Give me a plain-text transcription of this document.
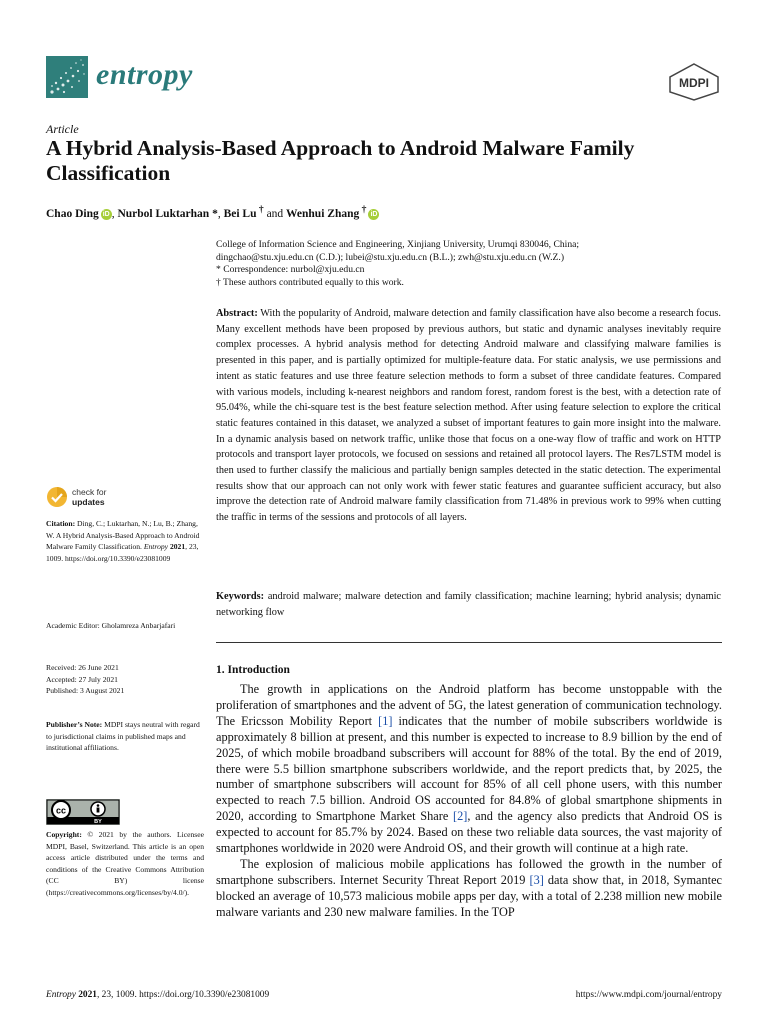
entropy	MDPI
Article
A Hybrid Analysis-Based Approach to Android Malware Family Classification
Chao Ding iD , Nurbol Luktarhan *, Bei Lu † and Wenhui Zhang † iD
College of Information Science and Engineering, Xinjiang University, Urumqi 830046, China;
dingchao@stu.xju.edu.cn (C.D.); lubei@stu.xju.edu.cn (B.L.); zwh@stu.xju.edu.cn (W.Z.)
* Correspondence: nurbol@xju.edu.cn
† These authors contributed equally to this work.
Abstract: With the popularity of Android, malware detection and family classification have also become a research focus. Many excellent methods have been proposed by previous authors, but static and dynamic analyses inevitably require complex processes. A hybrid analysis method for detecting Android malware and classifying malware families is presented in this paper, and is partially optimized for multiple-feature data. For static analysis, we use permissions and intent as static features and use three feature selection methods to form a subset of three candidate features. Compared with various models, including k-nearest neighbors and random forest, random forest is the best, with a detection rate of 95.04%, while the chi-square test is the best feature selection method. After using feature selection to explore the critical static features contained in this dataset, we analyzed a subset of important features to gain more insight into the malware. In a dynamic analysis based on network traffic, unlike those that focus on a one-way flow of traffic and work on HTTP protocols and transport layer protocols, we focused on sessions and retained all protocol layers. The Res7LSTM model is then used to further classify the malicious and partially benign samples detected in the static detection. The experimental results show that our approach can not only work with fewer static features and guarantee sufficient accuracy, but also improve the detection rate of Android malware family classification from 71.48% in previous work to 99% when cutting the traffic in terms of the sessions and protocols of all layers.
Keywords: android malware; malware detection and family classification; machine learning; hybrid analysis; dynamic networking flow
1. Introduction

The growth in applications on the Android platform has become unstoppable with the proliferation of smartphones and the advent of 5G, the latest generation of communication technology. The Ericsson Mobility Report [1] indicates that the number of mobile subscribers worldwide is approximately 8 billion at present, and this number is expected to increase to 8.9 billion by the end of 2025, of which mobile broadband subscribers will account for 88% of the total. By the end of 2019, there were 5.5 billion smartphone subscribers worldwide, and the report predicts that, by 2025, the number of smartphone subscribers will account for 85% of all cell phone users, with this number expected to reach 7.5 billion. Android OS accounted for 84.8% of global smartphone shipments in 2020, according to Smartphone Market Share [2], and the agency also predicts that Android OS is expected to account for 85.7% by 2024. Based on these two reliable data sources, the vast majority of smartphones worldwide in 2020 were Android OS, and their growth will continue at a high rate.

The explosion of malicious mobile applications has followed the growth in the number of smartphone subscribers. Internet Security Threat Report 2019 [3] data show that, in 2018, Symantec blocked an average of 10,573 malicious mobile apps per day, with a total of 2.238 million new mobile malware variants and 230 new malware families. In the TOP

check for
updates
Citation: Ding, C.; Luktarhan, N.; Lu, B.; Zhang, W. A Hybrid Analysis-Based Approach to Android Malware Family Classification. Entropy 2021, 23, 1009. https://doi.org/10.3390/e23081009
Academic Editor: Gholamreza Anbarjafari
Received: 26 June 2021
Accepted: 27 July 2021
Published: 3 August 2021
Publisher’s Note: MDPI stays neutral with regard to jurisdictional claims in published maps and institutional affiliations.
cc
BY
Copyright: © 2021 by the authors. Licensee MDPI, Basel, Switzerland. This article is an open access article distributed under the terms and conditions of the Creative Commons Attribution (CC BY) license (https://creativecommons.org/licenses/by/4.0/).
Entropy 2021, 23, 1009. https://doi.org/10.3390/e23081009	https://www.mdpi.com/journal/entropy
